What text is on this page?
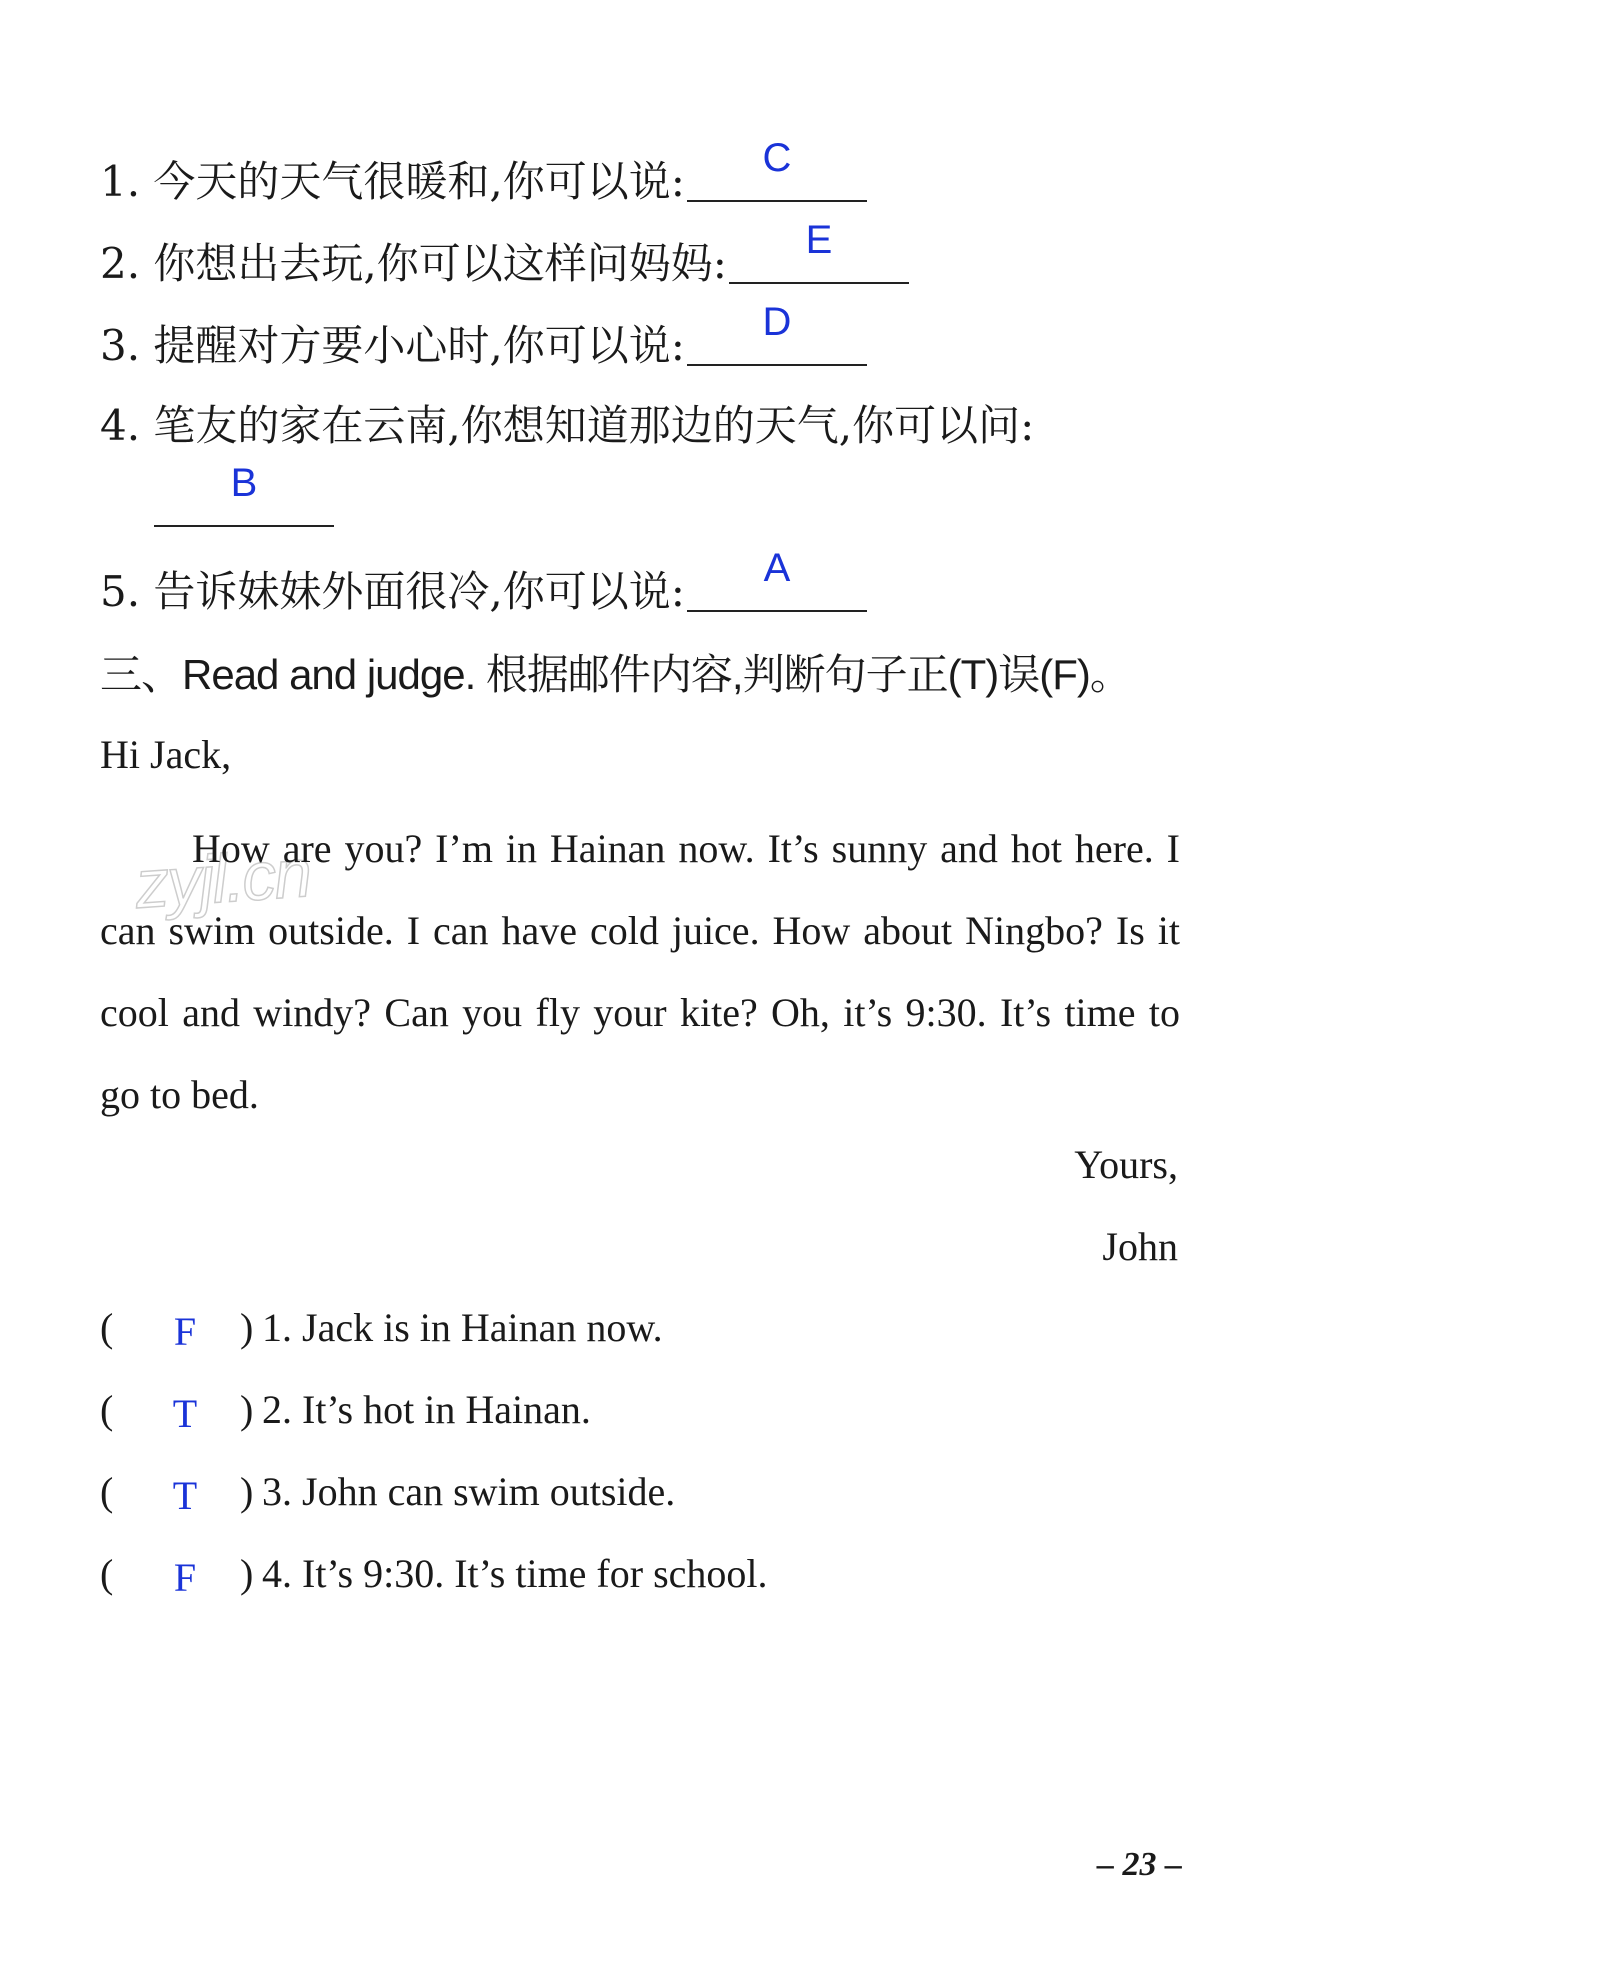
1. 今天的天气很暖和,你可以说:	C
2. 你想出去玩,你可以这样问妈妈:	E
3. 提醒对方要小心时,你可以说:	D
4. 笔友的家在云南,你想知道那边的天气,你可以问:
B
5. 告诉妹妹外面很冷,你可以说:	A
三、Read and judge. 根据邮件内容,判断句子正(T)误(F)。
Hi Jack,
zyjl.cn
How are you? I’m in Hainan now. It’s sunny and hot here. I can swim outside. I can have cold juice. How about Ningbo? Is it cool and windy? Can you fly your kite? Oh, it’s 9:30. It’s time to go to bed.
Yours,
John
( F ) 1. Jack is in Hainan now.
( T ) 2. It’s hot in Hainan.
( T ) 3. John can swim outside.
( F ) 4. It’s 9:30. It’s time for school.
– 23 –
